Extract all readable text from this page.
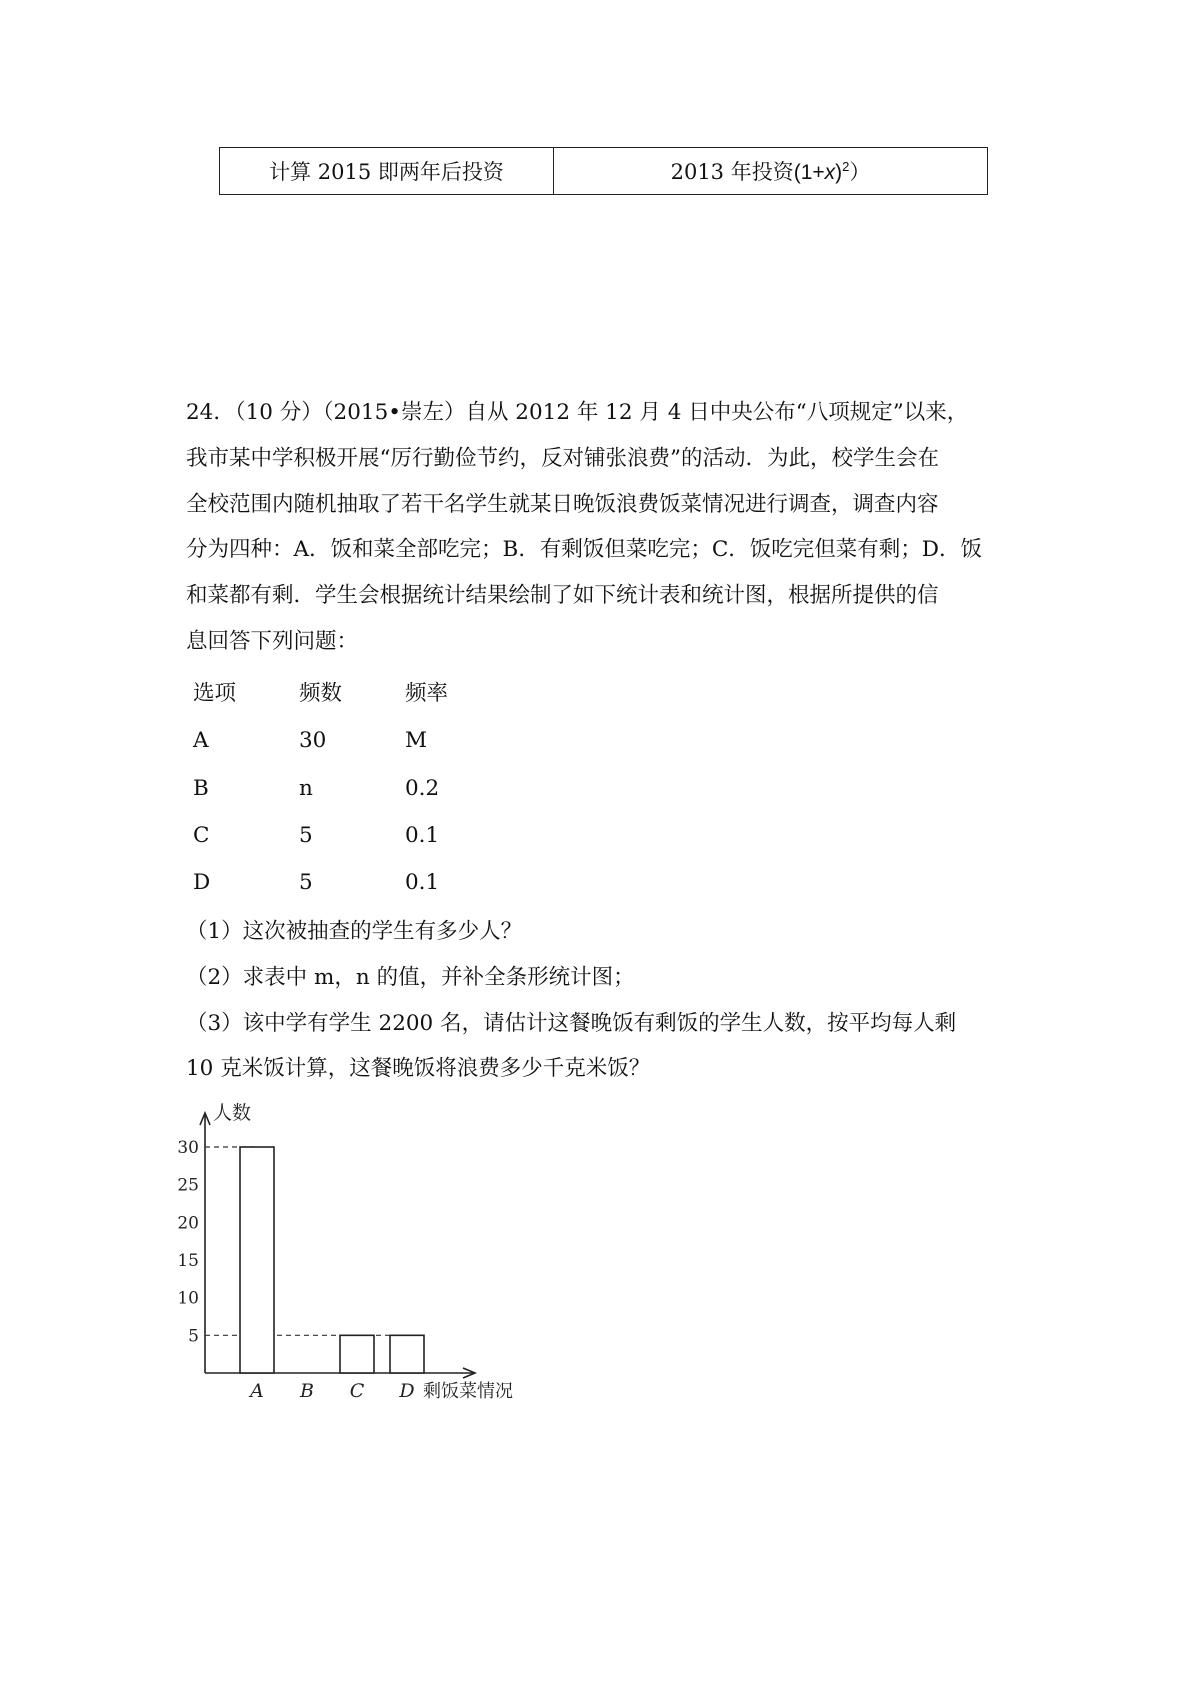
计算 2015 即两年后投资	2013 年投资$(1+x)^2$）

24．（10 分）（2015•崇左）自从 2012 年 12 月 4 日中央公布“八项规定”以来，

我市某中学积极开展“厉行勤俭节约，反对铺张浪费”的活动．为此，校学生会在

全校范围内随机抽取了若干名学生就某日晚饭浪费饭菜情况进行调查，调查内容

分为四种：A．饭和菜全部吃完；B．有剩饭但菜吃完；C．饭吃完但菜有剩；D．饭

和菜都有剩．学生会根据统计结果绘制了如下统计表和统计图，根据所提供的信

息回答下列问题：

选项	频数	频率
A	30	M
B	n	0.2
C	5	0.1
D	5	0.1

（1）这次被抽查的学生有多少人？

（2）求表中 m，n 的值，并补全条形统计图；

（3）该中学有学生 2200 名，请估计这餐晚饭有剩饭的学生人数，按平均每人剩

10 克米饭计算，这餐晚饭将浪费多少千克米饭？

人数
剩饭菜情况
5
10
15
20
25
30
A B C D
